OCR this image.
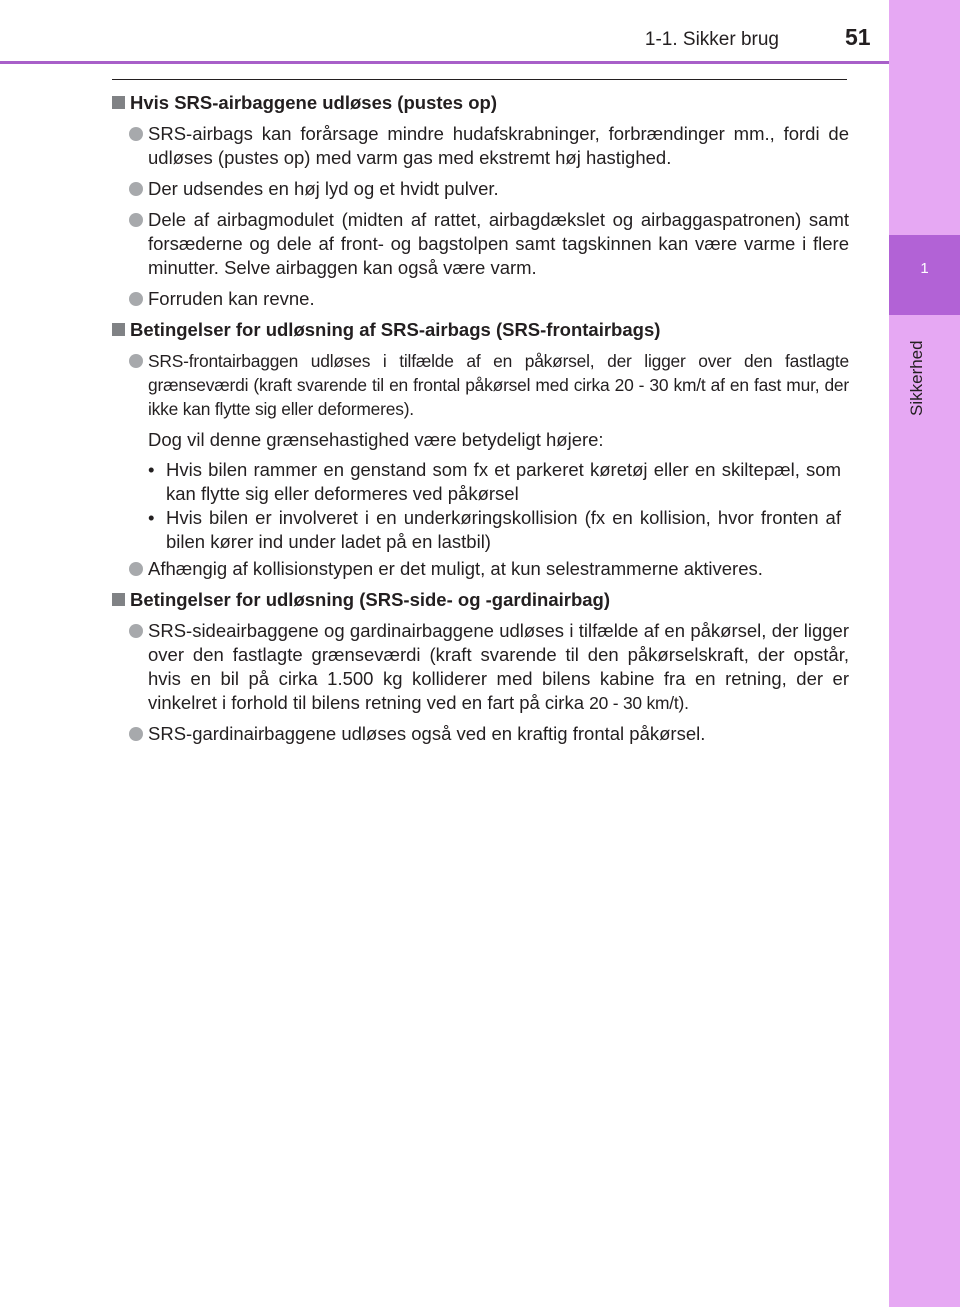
1
Sikkerhed
1-1. Sikker brug	51
Hvis SRS-airbaggene udløses (pustes op)
SRS-airbags kan forårsage mindre hudafskrabninger, forbrændinger mm., fordi de udløses (pustes op) med varm gas med ekstremt høj hastighed.
Der udsendes en høj lyd og et hvidt pulver.
Dele af airbagmodulet (midten af rattet, airbagdækslet og airbaggaspatronen) samt forsæderne og dele af front- og bagstolpen samt tagskinnen kan være varme i flere minutter. Selve airbaggen kan også være varm.
Forruden kan revne.
Betingelser for udløsning af SRS-airbags (SRS-frontairbags)
SRS-frontairbaggen udløses i tilfælde af en påkørsel, der ligger over den fastlagte grænseværdi (kraft svarende til en frontal påkørsel med cirka 20 - 30 km/t af en fast mur, der ikke kan flytte sig eller deformeres).
Dog vil denne grænsehastighed være betydeligt højere:
• Hvis bilen rammer en genstand som fx et parkeret køretøj eller en skiltepæl, som kan flytte sig eller deformeres ved påkørsel
• Hvis bilen er involveret i en underkøringskollision (fx en kollision, hvor fronten af bilen kører ind under ladet på en lastbil)
Afhængig af kollisionstypen er det muligt, at kun selestrammerne aktiveres.
Betingelser for udløsning (SRS-side- og -gardinairbag)
SRS-sideairbaggene og gardinairbaggene udløses i tilfælde af en påkørsel, der ligger over den fastlagte grænseværdi (kraft svarende til den påkørselskraft, der opstår, hvis en bil på cirka 1.500 kg kolliderer med bilens kabine fra en retning, der er vinkelret i forhold til bilens retning ved en fart på cirka 20 - 30 km/t).
SRS-gardinairbaggene udløses også ved en kraftig frontal påkørsel.
